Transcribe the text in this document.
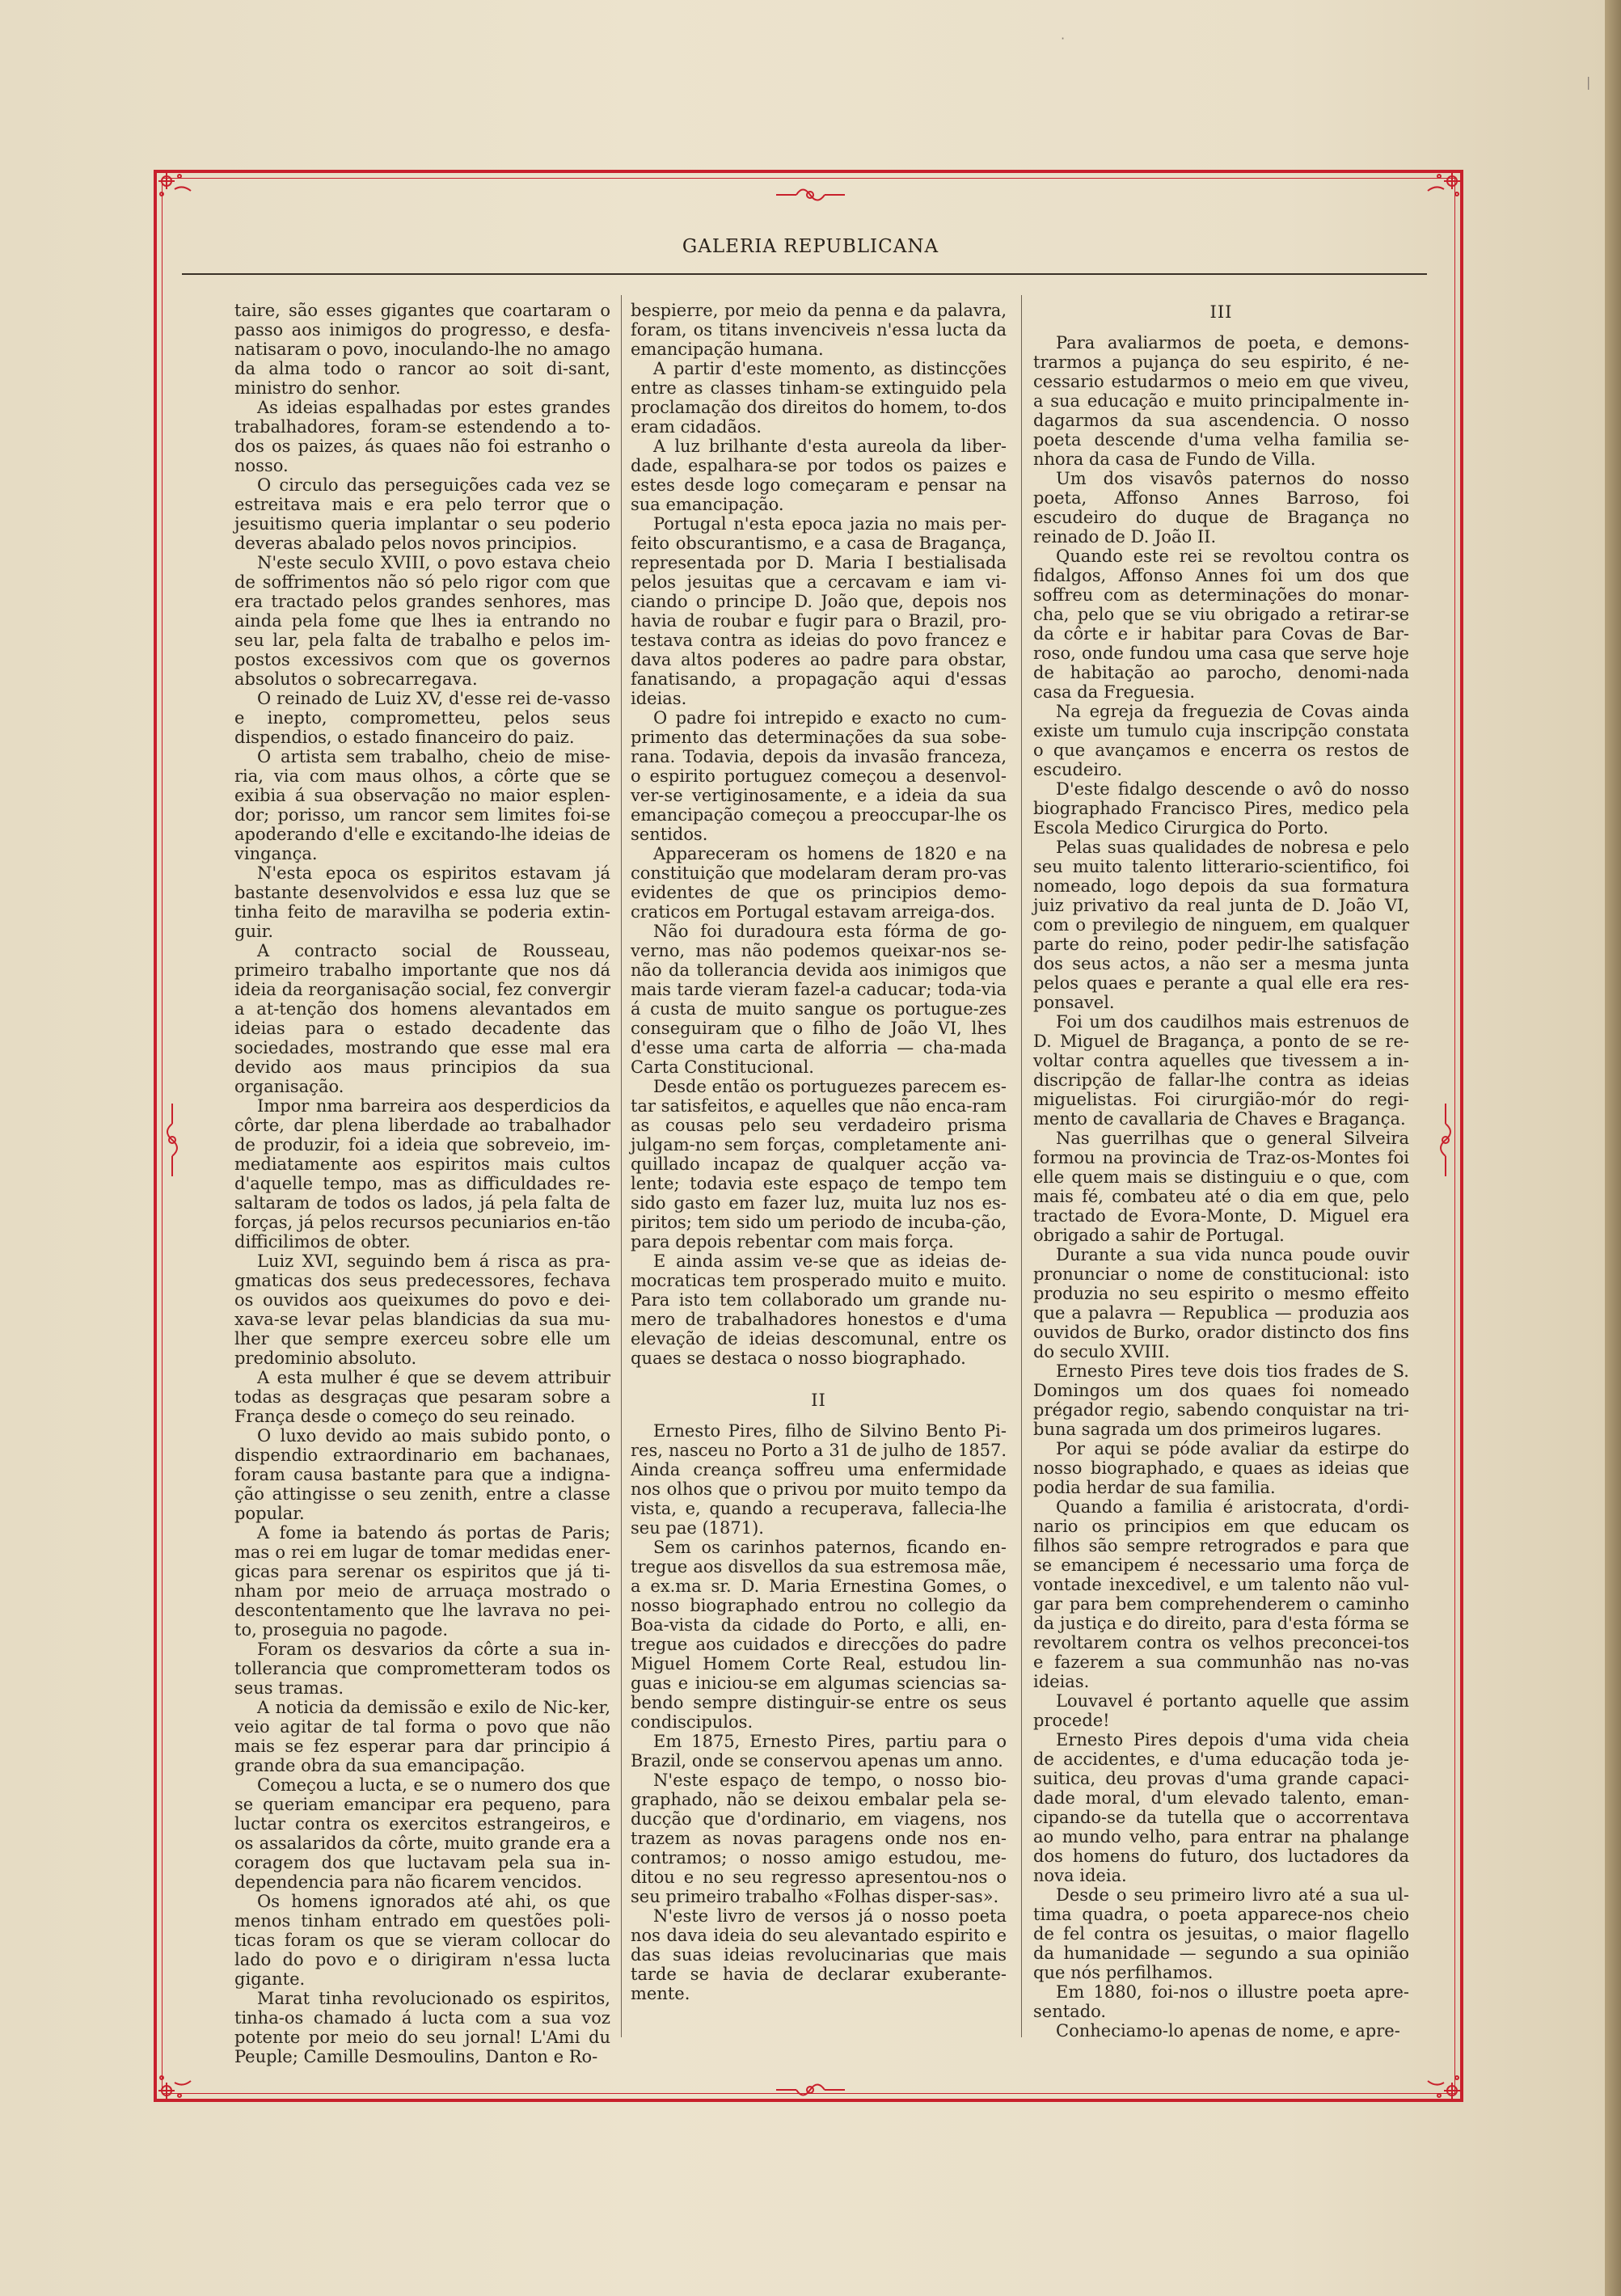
GALERIA REPUBLICANA

taire, são esses gigantes que coartaram o passo aos inimigos do progresso, e desfa-natisaram o povo, inoculando-lhe no amago da alma todo o rancor ao soit di-sant, ministro do senhor.

As ideias espalhadas por estes grandes trabalhadores, foram-se estendendo a to-dos os paizes, ás quaes não foi estranho o nosso.

O circulo das perseguições cada vez se estreitava mais e era pelo terror que o jesuitismo queria implantar o seu poderio deveras abalado pelos novos principios.

N'este seculo XVIII, o povo estava cheio de soffrimentos não só pelo rigor com que era tractado pelos grandes senhores, mas ainda pela fome que lhes ia entrando no seu lar, pela falta de trabalho e pelos im-postos excessivos com que os governos absolutos o sobrecarregava.

O reinado de Luiz XV, d'esse rei de-vasso e inepto, comprometteu, pelos seus dispendios, o estado financeiro do paiz.

O artista sem trabalho, cheio de mise-ria, via com maus olhos, a côrte que se exibia á sua observação no maior esplen-dor; porisso, um rancor sem limites foi-se apoderando d'elle e excitando-lhe ideias de vingança.

N'esta epoca os espiritos estavam já bastante desenvolvidos e essa luz que se tinha feito de maravilha se poderia extin-guir.

A contracto social de Rousseau, primeiro trabalho importante que nos dá ideia da reorganisação social, fez convergir a at-tenção dos homens alevantados em ideias para o estado decadente das sociedades, mostrando que esse mal era devido aos maus principios da sua organisação.

Impor nma barreira aos desperdicios da côrte, dar plena liberdade ao trabalhador de produzir, foi a ideia que sobreveio, im-mediatamente aos espiritos mais cultos d'aquelle tempo, mas as difficuldades re-saltaram de todos os lados, já pela falta de forças, já pelos recursos pecuniarios en-tão difficilimos de obter.

Luiz XVI, seguindo bem á risca as pra-gmaticas dos seus predecessores, fechava os ouvidos aos queixumes do povo e dei-xava-se levar pelas blandicias da sua mu-lher que sempre exerceu sobre elle um predominio absoluto.

A esta mulher é que se devem attribuir todas as desgraças que pesaram sobre a França desde o começo do seu reinado.

O luxo devido ao mais subido ponto, o dispendio extraordinario em bachanaes, foram causa bastante para que a indigna-ção attingisse o seu zenith, entre a classe popular.

A fome ia batendo ás portas de Paris; mas o rei em lugar de tomar medidas ener-gicas para serenar os espiritos que já ti-nham por meio de arruaça mostrado o descontentamento que lhe lavrava no pei-to, proseguia no pagode.

Foram os desvarios da côrte a sua in-tollerancia que comprometteram todos os seus tramas.

A noticia da demissão e exilo de Nic-ker, veio agitar de tal forma o povo que não mais se fez esperar para dar principio á grande obra da sua emancipação.

Começou a lucta, e se o numero dos que se queriam emancipar era pequeno, para luctar contra os exercitos estrangeiros, e os assalaridos da côrte, muito grande era a coragem dos que luctavam pela sua in-dependencia para não ficarem vencidos.

Os homens ignorados até ahi, os que menos tinham entrado em questões poli-ticas foram os que se vieram collocar do lado do povo e o dirigiram n'essa lucta gigante.

Marat tinha revolucionado os espiritos, tinha-os chamado á lucta com a sua voz potente por meio do seu jornal! L'Ami du Peuple; Camille Desmoulins, Danton e Ro-

bespierre, por meio da penna e da palavra, foram, os titans invenciveis n'essa lucta da emancipação humana.

A partir d'este momento, as distincções entre as classes tinham-se extinguido pela proclamação dos direitos do homem, to-dos eram cidadãos.

A luz brilhante d'esta aureola da liber-dade, espalhara-se por todos os paizes e estes desde logo começaram e pensar na sua emancipação.

Portugal n'esta epoca jazia no mais per-feito obscurantismo, e a casa de Bragança, representada por D. Maria I bestialisada pelos jesuitas que a cercavam e iam vi-ciando o principe D. João que, depois nos havia de roubar e fugir para o Brazil, pro-testava contra as ideias do povo francez e dava altos poderes ao padre para obstar, fanatisando, a propagação aqui d'essas ideias.

O padre foi intrepido e exacto no cum-primento das determinações da sua sobe-rana. Todavia, depois da invasão franceza, o espirito portuguez começou a desenvol-ver-se vertiginosamente, e a ideia da sua emancipação começou a preoccupar-lhe os sentidos.

Appareceram os homens de 1820 e na constituição que modelaram deram pro-vas evidentes de que os principios demo-craticos em Portugal estavam arreiga-dos.

Não foi duradoura esta fórma de go-verno, mas não podemos queixar-nos se-não da tollerancia devida aos inimigos que mais tarde vieram fazel-a caducar; toda-via á custa de muito sangue os portugue-zes conseguiram que o filho de João VI, lhes d'esse uma carta de alforria — cha-mada Carta Constitucional.

Desde então os portuguezes parecem es-tar satisfeitos, e aquelles que não enca-ram as cousas pelo seu verdadeiro prisma julgam-no sem forças, completamente ani-quillado incapaz de qualquer acção va-lente; todavia este espaço de tempo tem sido gasto em fazer luz, muita luz nos es-piritos; tem sido um periodo de incuba-ção, para depois rebentar com mais força.

E ainda assim ve-se que as ideias de-mocraticas tem prosperado muito e muito. Para isto tem collaborado um grande nu-mero de trabalhadores honestos e d'uma elevação de ideias descomunal, entre os quaes se destaca o nosso biographado.

II

Ernesto Pires, filho de Silvino Bento Pi-res, nasceu no Porto a 31 de julho de 1857. Ainda creança soffreu uma enfermidade nos olhos que o privou por muito tempo da vista, e, quando a recuperava, fallecia-lhe seu pae (1871).

Sem os carinhos paternos, ficando en-tregue aos disvellos da sua estremosa mãe, a ex.ma sr. D. Maria Ernestina Gomes, o nosso biographado entrou no collegio da Boa-vista da cidade do Porto, e alli, en-tregue aos cuidados e direcções do padre Miguel Homem Corte Real, estudou lin-guas e iniciou-se em algumas sciencias sa-bendo sempre distinguir-se entre os seus condiscipulos.

Em 1875, Ernesto Pires, partiu para o Brazil, onde se conservou apenas um anno.

N'este espaço de tempo, o nosso bio-graphado, não se deixou embalar pela se-ducção que d'ordinario, em viagens, nos trazem as novas paragens onde nos en-contramos; o nosso amigo estudou, me-ditou e no seu regresso apresentou-nos o seu primeiro trabalho «Folhas disper-sas».

N'este livro de versos já o nosso poeta nos dava ideia do seu alevantado espirito e das suas ideias revolucinarias que mais tarde se havia de declarar exuberante-mente.

III

Para avaliarmos de poeta, e demons-trarmos a pujança do seu espirito, é ne-cessario estudarmos o meio em que viveu, a sua educação e muito principalmente in-dagarmos da sua ascendencia. O nosso poeta descende d'uma velha familia se-nhora da casa de Fundo de Villa.

Um dos visavôs paternos do nosso poeta, Affonso Annes Barroso, foi escudeiro do duque de Bragança no reinado de D. João II.

Quando este rei se revoltou contra os fidalgos, Affonso Annes foi um dos que soffreu com as determinações do monar-cha, pelo que se viu obrigado a retirar-se da côrte e ir habitar para Covas de Bar-roso, onde fundou uma casa que serve hoje de habitação ao parocho, denomi-nada casa da Freguesia.

Na egreja da freguezia de Covas ainda existe um tumulo cuja inscripção constata o que avançamos e encerra os restos de escudeiro.

D'este fidalgo descende o avô do nosso biographado Francisco Pires, medico pela Escola Medico Cirurgica do Porto.

Pelas suas qualidades de nobresa e pelo seu muito talento litterario-scientifico, foi nomeado, logo depois da sua formatura juiz privativo da real junta de D. João VI, com o previlegio de ninguem, em qualquer parte do reino, poder pedir-lhe satisfação dos seus actos, a não ser a mesma junta pelos quaes e perante a qual elle era res-ponsavel.

Foi um dos caudilhos mais estrenuos de D. Miguel de Bragança, a ponto de se re-voltar contra aquelles que tivessem a in-discripção de fallar-lhe contra as ideias miguelistas. Foi cirurgião-mór do regi-mento de cavallaria de Chaves e Bragança.

Nas guerrilhas que o general Silveira formou na provincia de Traz-os-Montes foi elle quem mais se distinguiu e o que, com mais fé, combateu até o dia em que, pelo tractado de Evora-Monte, D. Miguel era obrigado a sahir de Portugal.

Durante a sua vida nunca poude ouvir pronunciar o nome de constitucional: isto produzia no seu espirito o mesmo effeito que a palavra — Republica — produzia aos ouvidos de Burko, orador distincto dos fins do seculo XVIII.

Ernesto Pires teve dois tios frades de S. Domingos um dos quaes foi nomeado prégador regio, sabendo conquistar na tri-buna sagrada um dos primeiros lugares.

Por aqui se póde avaliar da estirpe do nosso biographado, e quaes as ideias que podia herdar de sua familia.

Quando a familia é aristocrata, d'ordi-nario os principios em que educam os filhos são sempre retrogrados e para que se emancipem é necessario uma força de vontade inexcedivel, e um talento não vul-gar para bem comprehenderem o caminho da justiça e do direito, para d'esta fórma se revoltarem contra os velhos preconcei-tos e fazerem a sua communhão nas no-vas ideias.

Louvavel é portanto aquelle que assim procede!

Ernesto Pires depois d'uma vida cheia de accidentes, e d'uma educação toda je-suitica, deu provas d'uma grande capaci-dade moral, d'um elevado talento, eman-cipando-se da tutella que o accorrentava ao mundo velho, para entrar na phalange dos homens do futuro, dos luctadores da nova ideia.

Desde o seu primeiro livro até a sua ul-tima quadra, o poeta apparece-nos cheio de fel contra os jesuitas, o maior flagello da humanidade — segundo a sua opinião que nós perfilhamos.

Em 1880, foi-nos o illustre poeta apre-sentado.

Conheciamo-lo apenas de nome, e apre-

·
|
